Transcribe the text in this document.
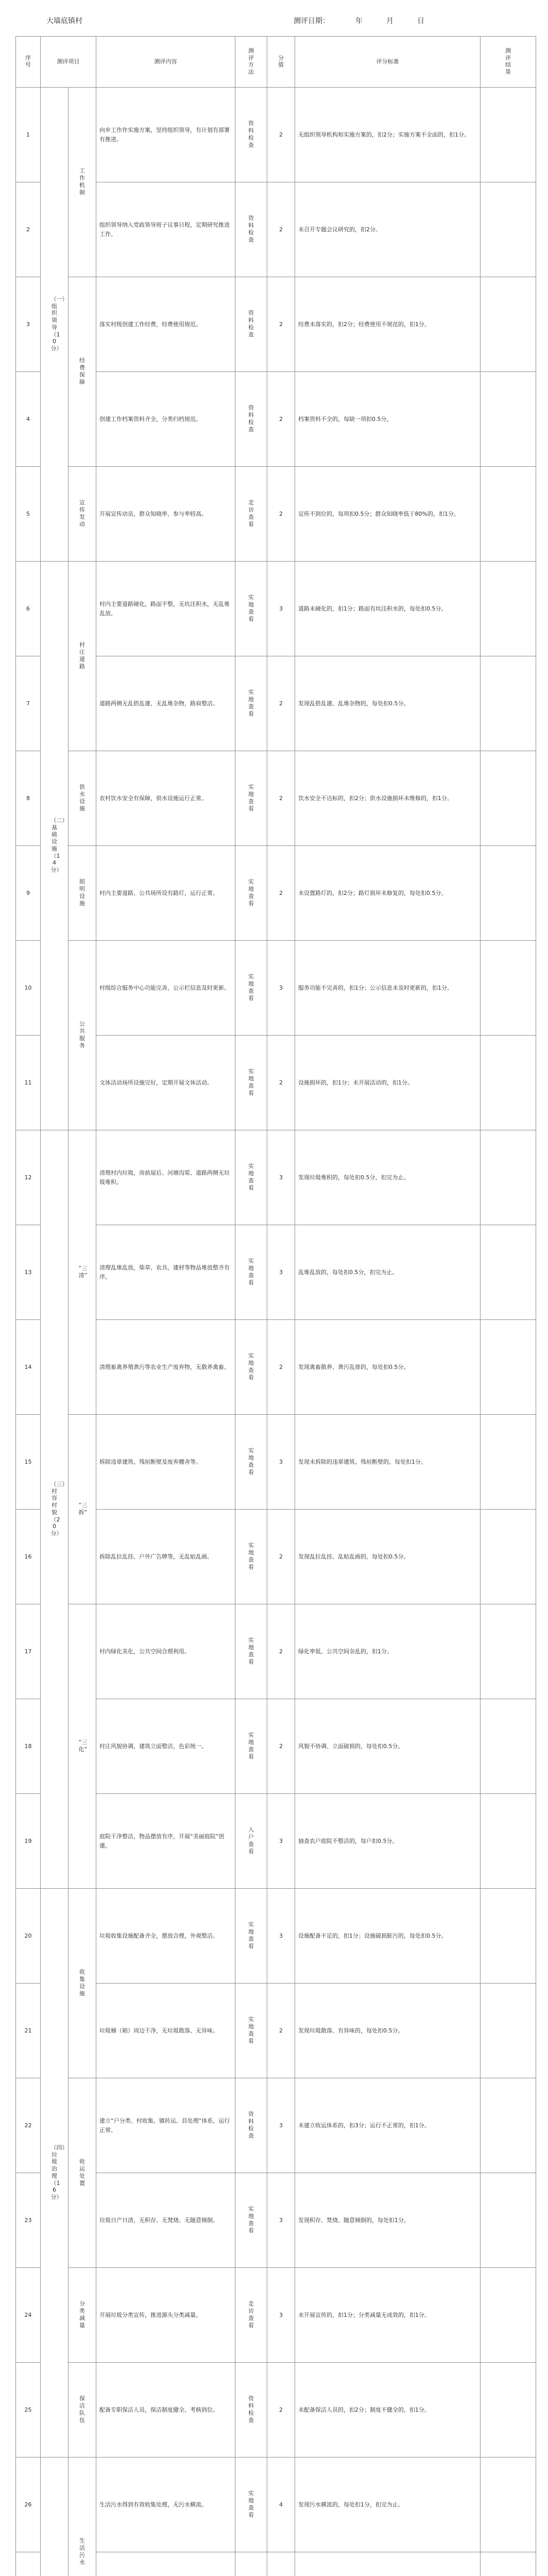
大墙底镇村	测评日期：	年	月	日
序号	测评项目		测评内容	测评方法	分值	评分标准	测评结果
1	（一）组织领导（10分）	工作机制	向乡工作作实施方案，坚持组织领导，有计划有部署有推进。	资料检查	2	无组织领导机构和实施方案的，扣2分；实施方案不全面的，扣1分。	
2			组织领导纳入党政领导班子议事日程，定期研究推进工作。	资料检查	2	未召开专题会议研究的，扣2分。	
3		经费保障	落实村级创建工作经费，经费使用规范。	资料检查	2	经费未落实的，扣2分；经费使用不规范的，扣1分。	
4			创建工作档案资料齐全，分类归档规范。	资料检查	2	档案资料不全的，每缺一项扣0.5分。	
5		宣传发动	开展宣传动员，群众知晓率、参与率较高。	走访查看	2	宣传不到位的，每项扣0.5分；群众知晓率低于80%的，扣1分。	
6	（二）基础设施（14分）	村庄道路	村内主要道路硬化，路面平整，无坑洼积水，无乱堆乱放。	实地查看	3	道路未硬化的，扣1分；路面有坑洼积水的，每处扣0.5分。	
7			道路两侧无乱搭乱建、无乱堆杂物，路肩整洁。	实地查看	2	发现乱搭乱建、乱堆杂物的，每处扣0.5分。	
8		供水设施	农村饮水安全有保障，供水设施运行正常。	实地查看	2	饮水安全不达标的，扣2分；供水设施损坏未维修的，扣1分。	
9		照明设施	村内主要道路、公共场所设有路灯，运行正常。	实地查看	2	未设置路灯的，扣2分；路灯损坏未修复的，每处扣0.5分。	
10		公共服务	村级综合服务中心功能完善，公示栏信息及时更新。	实地查看	3	服务功能不完善的，扣1分；公示信息未及时更新的，扣1分。	
11			文体活动场所设施完好，定期开展文体活动。	实地查看	2	设施损坏的，扣1分；未开展活动的，扣1分。	
12	（三）村容村貌（20分）	“三清”	清理村内垃圾，房前屋后、河塘沟渠、道路两侧无垃圾堆积。	实地查看	3	发现垃圾堆积的，每处扣0.5分，扣完为止。	
13			清理乱堆乱放，柴草、农具、建材等物品堆放整齐有序。	实地查看	3	乱堆乱放的，每处扣0.5分，扣完为止。	
14			清理畜禽养殖粪污等农业生产废弃物，无散养禽畜。	实地查看	2	发现禽畜散养、粪污乱排的，每处扣0.5分。	
15		“三拆”	拆除违章建筑、残垣断壁及废弃棚舍等。	实地查看	3	发现未拆除的违章建筑、残垣断壁的，每处扣1分。	
16			拆除乱拉乱挂、户外广告牌等，无乱贴乱画。	实地查看	2	发现乱拉乱挂、乱贴乱画的，每处扣0.5分。	
17		“三化”	村内绿化美化，公共空间合理利用。	实地查看	2	绿化率低、公共空间杂乱的，扣1分。	
18			村庄风貌协调，建筑立面整洁，色彩统一。	实地查看	2	风貌不协调、立面破损的，每处扣0.5分。	
19			庭院干净整洁，物品摆放有序，开展“美丽庭院”创建。	入户查看	3	抽查农户庭院不整洁的，每户扣0.5分。	
20	（四）垃圾治理（16分）	收集设施	垃圾收集设施配备齐全，摆放合理，外观整洁。	实地查看	3	设施配备不足的，扣1分；设施破损脏污的，每处扣0.5分。	
21			垃圾桶（箱）周边干净，无垃圾散落、无异味。	实地查看	2	发现垃圾散落、有异味的，每处扣0.5分。	
22		收运处置	建立“户分类、村收集、镇转运、县处理”体系，运行正常。	资料检查	3	未建立收运体系的，扣3分；运行不正常的，扣1分。	
23			垃圾日产日清，无积存、无焚烧、无随意倾倒。	实地查看	3	发现积存、焚烧、随意倾倒的，每处扣1分。	
24		分类减量	开展垃圾分类宣传，推进源头分类减量。	走访查看	3	未开展宣传的，扣1分；分类减量无成效的，扣1分。	
25		保洁队伍	配备专职保洁人员，保洁制度健全、考核到位。	资料检查	2	未配备保洁人员的，扣2分；制度不健全的，扣1分。	
26		生活污水	生活污水得到有效收集处理，无污水横流。	实地查看	4	发现污水横流的，每处扣1分，扣完为止。	
